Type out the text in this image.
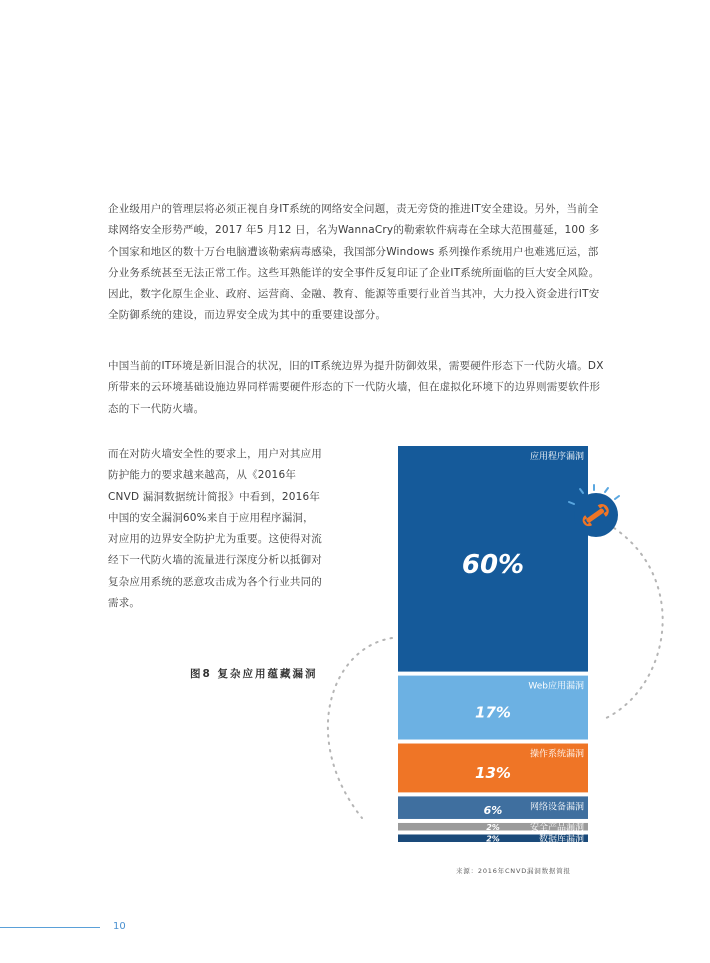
企业级用户的管理层将必须正视自身IT系统的网络安全问题，责无旁贷的推进IT安全建设。另外，当前全球网络安全形势严峻，2017 年5 月12 日，名为WannaCry的勒索软件病毒在全球大范围蔓延，100 多个国家和地区的数十万台电脑遭该勒索病毒感染，我国部分Windows 系列操作系统用户也难逃厄运，部分业务系统甚至无法正常工作。这些耳熟能详的安全事件反复印证了企业IT系统所面临的巨大安全风险。因此，数字化原生企业、政府、运营商、金融、教育、能源等重要行业首当其冲，大力投入资金进行IT安全防御系统的建设，而边界安全成为其中的重要建设部分。

中国当前的IT环境是新旧混合的状况，旧的IT系统边界为提升防御效果，需要硬件形态下一代防火墙。DX所带来的云环境基础设施边界同样需要硬件形态的下一代防火墙，但在虚拟化环境下的边界则需要软件形态的下一代防火墙。

而在对防火墙安全性的要求上，用户对其应用防护能力的要求越来越高，从《2016年CNVD 漏洞数据统计简报》中看到，2016年中国的安全漏洞60%来自于应用程序漏洞，对应用的边界安全防护尤为重要。这使得对流经下一代防火墙的流量进行深度分析以抵御对复杂应用系统的恶意攻击成为各个行业共同的需求。

应用程序漏洞
60%
Web应用漏洞
17%
操作系统漏洞
13%
网络设备漏洞
6%
安全产品漏洞
2%
数据库漏洞
2%
图8 复杂应用蕴藏漏洞
来源：2016年CNVD漏洞数据简报
10
